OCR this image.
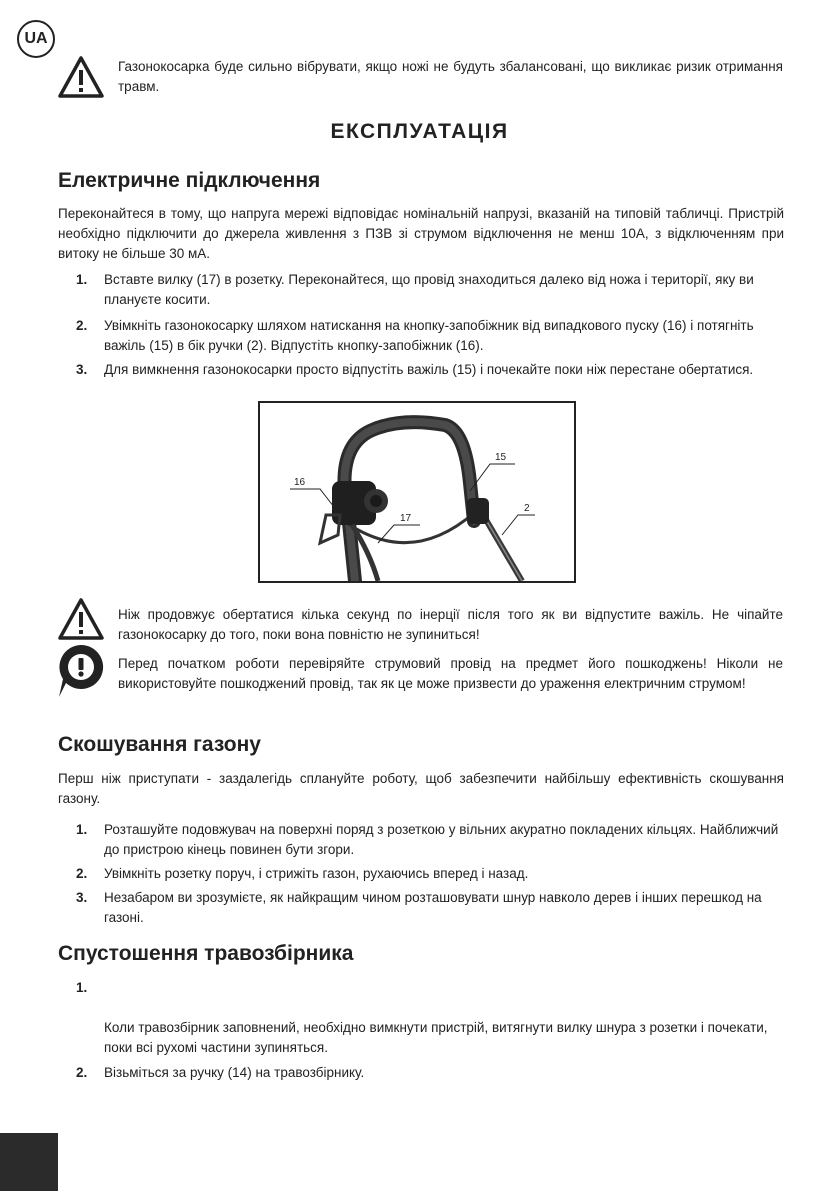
UA
Газонокосарка буде сильно вібрувати, якщо ножі не будуть збалансовані, що викликає ризик отримання травм.
ЕКСПЛУАТАЦІЯ
Електричне підключення
Переконайтеся в тому, що напруга мережі відповідає номінальній напрузі, вказаній на типовій табличці. Пристрій необхідно підключити до джерела живлення з ПЗВ зі струмом відключення не менш 10А, з відключенням при витоку не більше 30 мА.
1. Вставте вилку (17) в розетку. Переконайтеся, що провід знаходиться далеко від ножа і території, яку ви плануєте косити.
2. Увімкніть газонокосарку шляхом натискання на кнопку-запобіжник від випадкового пуску (16) і потягніть важіль (15) в бік ручки (2). Відпустіть кнопку-запобіжник (16).
3. Для вимкнення газонокосарки просто відпустіть важіль (15) і почекайте поки ніж перестане обертатися.
16
17
15
2
Ніж продовжує обертатися кілька секунд по інерції після того як ви відпустите важіль. Не чіпайте газонокосарку до того, поки вона повністю не зупиниться!
Перед початком роботи перевіряйте струмовий провід на предмет його пошкоджень! Ніколи не використовуйте пошкоджений провід, так як це може призвести до ураження електричним струмом!
Скошування газону
Перш ніж приступати - заздалегідь сплануйте роботу, щоб забезпечити найбільшу ефективність скошування газону.
1. Розташуйте подовжувач на поверхні поряд з розеткою у вільних акуратно покладених кільцях. Найближчий до пристрою кінець повинен бути згори.
2. Увімкніть розетку поруч, і стрижіть газон, рухаючись вперед і назад.
3. Незабаром ви зрозумієте, як найкращим чином розташовувати шнур навколо дерев і інших перешкод на газоні.
Спустошення травозбірника
1.
Коли травозбірник заповнений, необхідно вимкнути пристрій, витягнути вилку шнура з розетки і почекати, поки всі рухомі частини зупиняться.
2. Візьміться за ручку (14) на травозбірнику.
